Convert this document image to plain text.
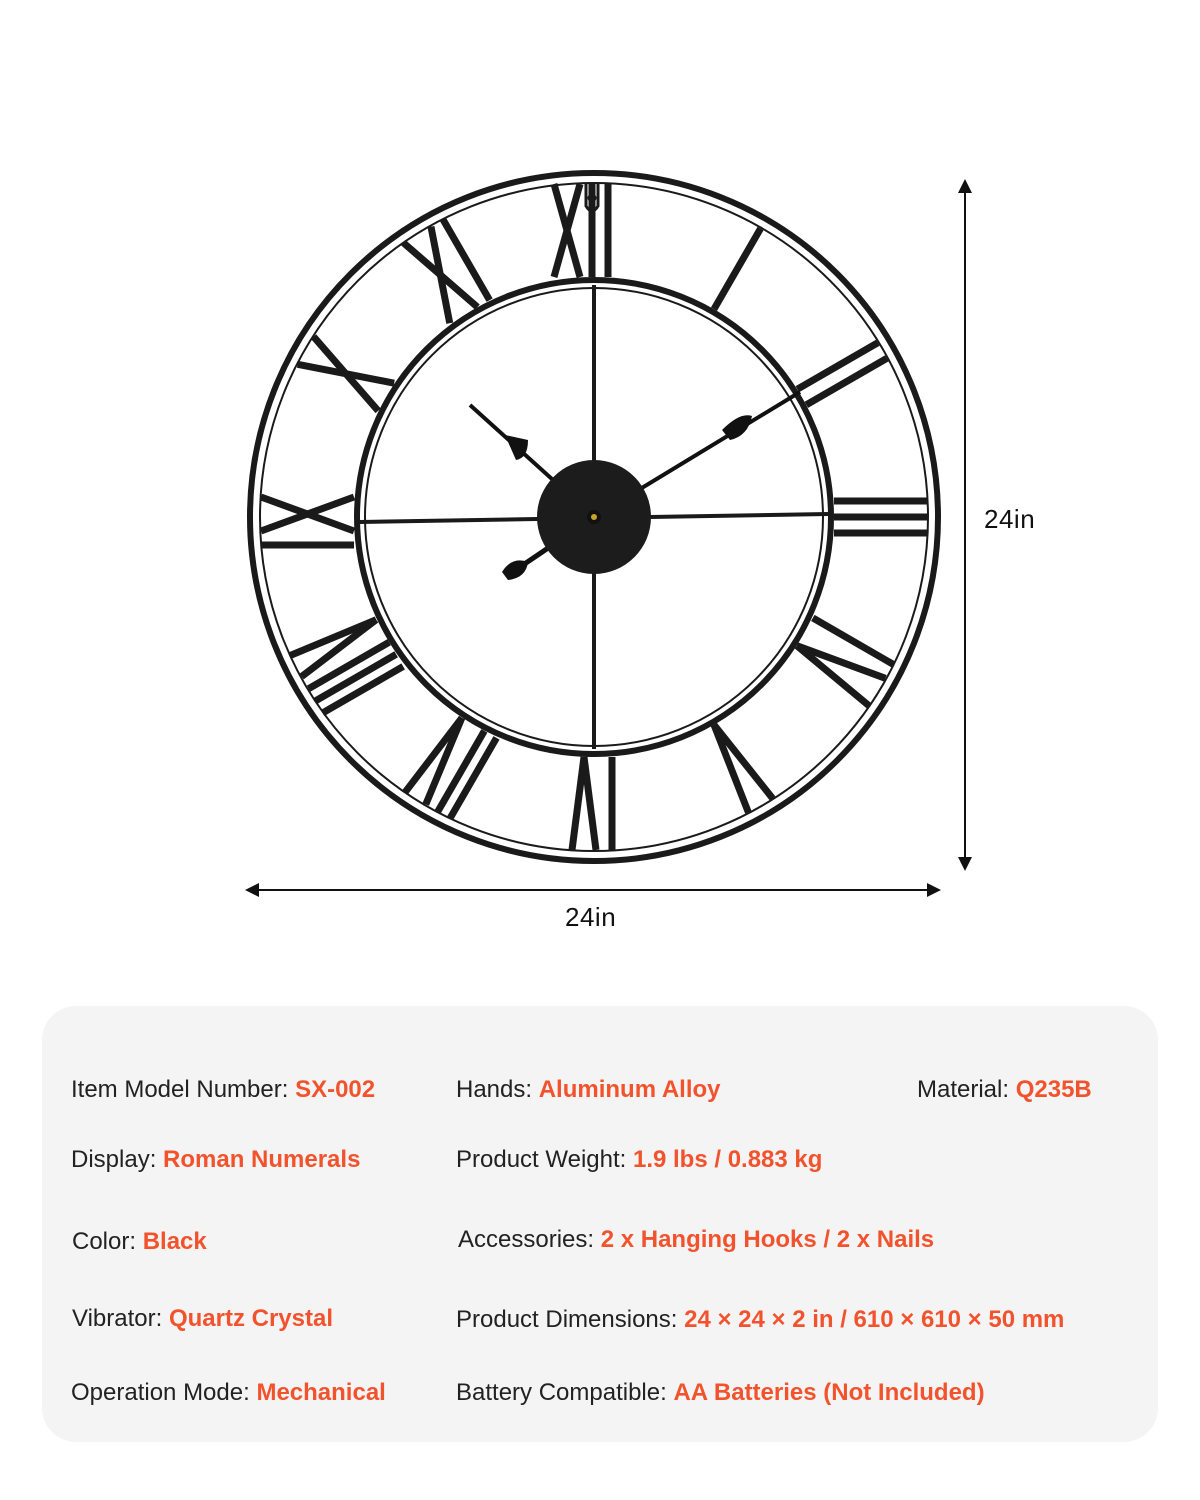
24in
24in
Item Model Number: SX-002	Hands: Aluminum Alloy	Material: Q235B
Display: Roman Numerals	Product Weight: 1.9 lbs / 0.883 kg
Color: Black	Accessories: 2 x Hanging Hooks / 2 x Nails
Vibrator: Quartz Crystal	Product Dimensions: 24 × 24 × 2 in / 610 × 610 × 50 mm
Operation Mode: Mechanical	Battery Compatible: AA Batteries (Not Included)
